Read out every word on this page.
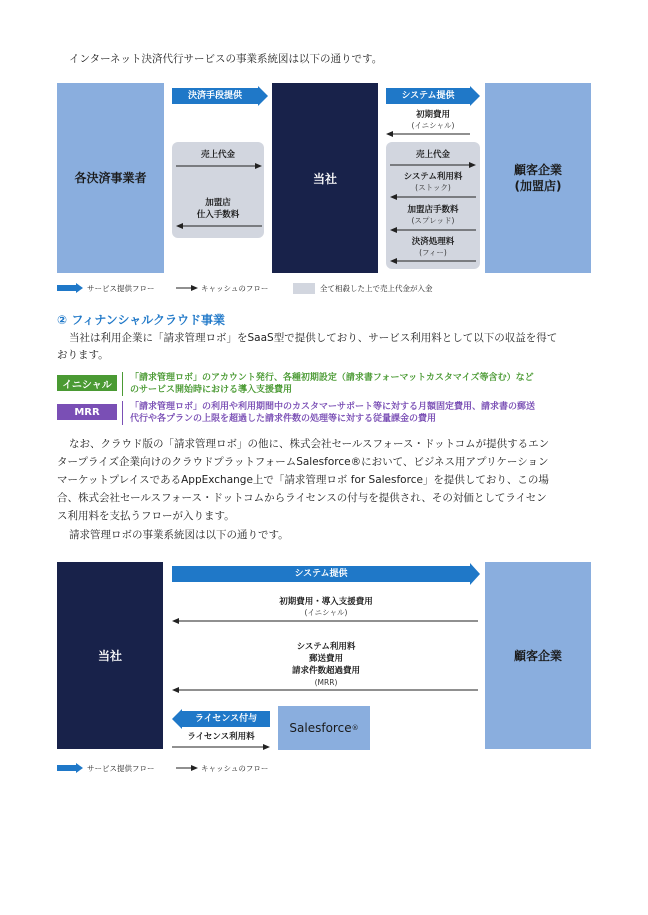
インターネット決済代行サービスの事業系統図は以下の通りです。
各決済事業者	当社
顧客企業
(加盟店)
決済手段提供	システム提供
初期費用
(イニシャル)
売上代金
加盟店
仕入手数料
売上代金
システム利用料
(ストック)
加盟店手数料
(スプレッド)
決済処理料
(フィー)
サービス提供フロー	キャッシュのフロー	全て相殺した上で売上代金が入金
② フィナンシャルクラウド事業
当社は利用企業に「請求管理ロボ」をSaaS型で提供しており、サービス利用料として以下の収益を得て
おります。
イニシャル
「請求管理ロボ」のアカウント発行、各種初期設定（請求書フォーマットカスタマイズ等含む）など
のサービス開始時における導入支援費用
MRR	「請求管理ロボ」の利用や利用期間中のカスタマーサポート等に対する月額固定費用、請求書の郵送
代行や各プランの上限を超過した請求件数の処理等に対する従量課金の費用
なお、クラウド版の「請求管理ロボ」の他に、株式会社セールスフォース・ドットコムが提供するエン
タープライズ企業向けのクラウドプラットフォームSalesforce®において、ビジネス用アプリケーション
マーケットプレイスであるAppExchange上で「請求管理ロボ for Salesforce」を提供しており、この場
合、株式会社セールスフォース・ドットコムからライセンスの付与を提供され、その対価としてライセン
ス利用料を支払うフローが入ります。
請求管理ロボの事業系統図は以下の通りです。
当社	顧客企業
システム提供
初期費用・導入支援費用
(イニシャル)
システム利用料
郵送費用
請求件数超過費用
(MRR)
ライセンス付与
ライセンス利用料
Salesforce ®
サービス提供フロー	キャッシュのフロー
